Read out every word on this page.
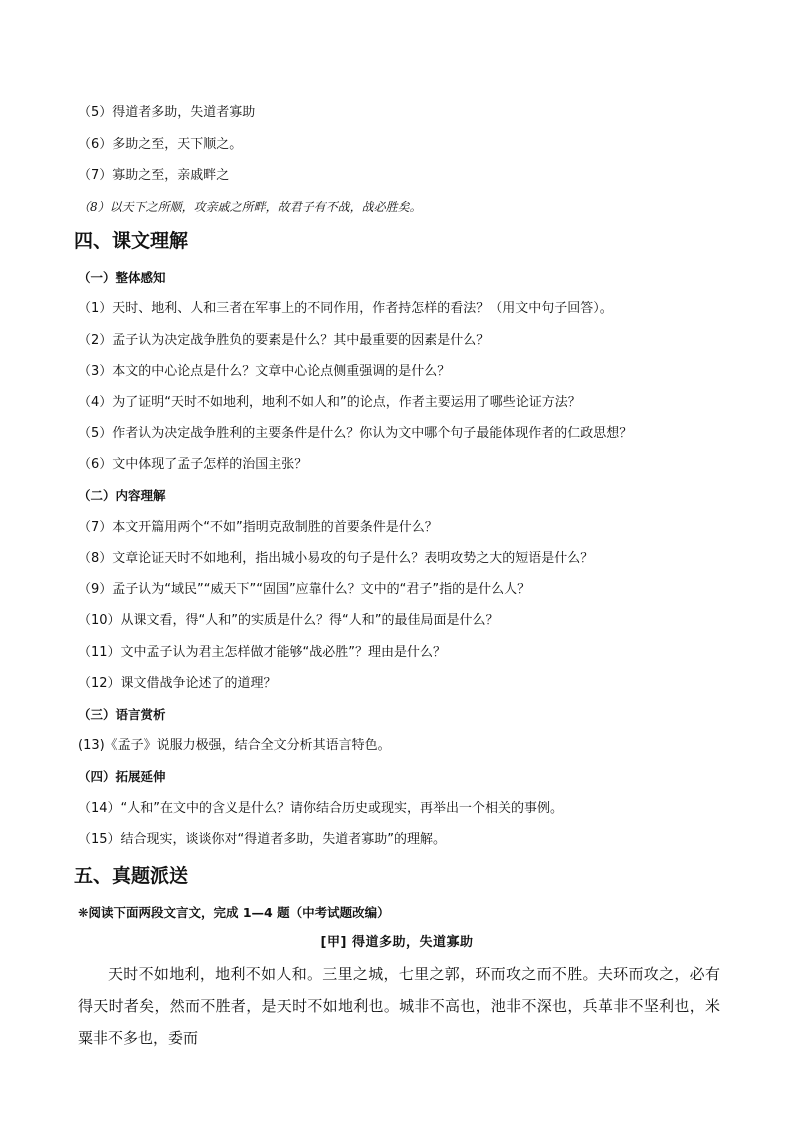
（5）得道者多助，失道者寡助
（6）多助之至，天下顺之。
（7）寡助之至，亲戚畔之
（8）以天下之所顺，攻亲戚之所畔，故君子有不战，战必胜矣。
四、课文理解
（一）整体感知
（1）天时、地利、人和三者在军事上的不同作用，作者持怎样的看法？（用文中句子回答）。
（2）孟子认为决定战争胜负的要素是什么？其中最重要的因素是什么？
（3）本文的中心论点是什么？文章中心论点侧重强调的是什么？
（4）为了证明“天时不如地利，地利不如人和”的论点，作者主要运用了哪些论证方法？
（5）作者认为决定战争胜利的主要条件是什么？你认为文中哪个句子最能体现作者的仁政思想？
（6）文中体现了孟子怎样的治国主张？
（二）内容理解
（7）本文开篇用两个“不如”指明克敌制胜的首要条件是什么？
（8）文章论证天时不如地利，指出城小易攻的句子是什么？表明攻势之大的短语是什么？
（9）孟子认为“域民”“威天下”“固国”应靠什么？文中的“君子”指的是什么人？
（10）从课文看，得“人和”的实质是什么？得“人和”的最佳局面是什么？
（11）文中孟子认为君主怎样做才能够“战必胜”？理由是什么？
（12）课文借战争论述了的道理？
（三）语言赏析
(13)《孟子》说服力极强，结合全文分析其语言特色。
（四）拓展延伸
（14）“人和”在文中的含义是什么？请你结合历史或现实，再举出一个相关的事例。
（15）结合现实，谈谈你对“得道者多助，失道者寡助”的理解。
五、真题派送
❋阅读下面两段文言文，完成 1—4 题（中考试题改编）
[甲] 得道多助，失道寡助
天时不如地利，地利不如人和。三里之城，七里之郭，环而攻之而不胜。夫环而攻之，必有得天时者矣，然而不胜者，是天时不如地利也。城非不高也，池非不深也，兵革非不坚利也，米粟非不多也，委而
